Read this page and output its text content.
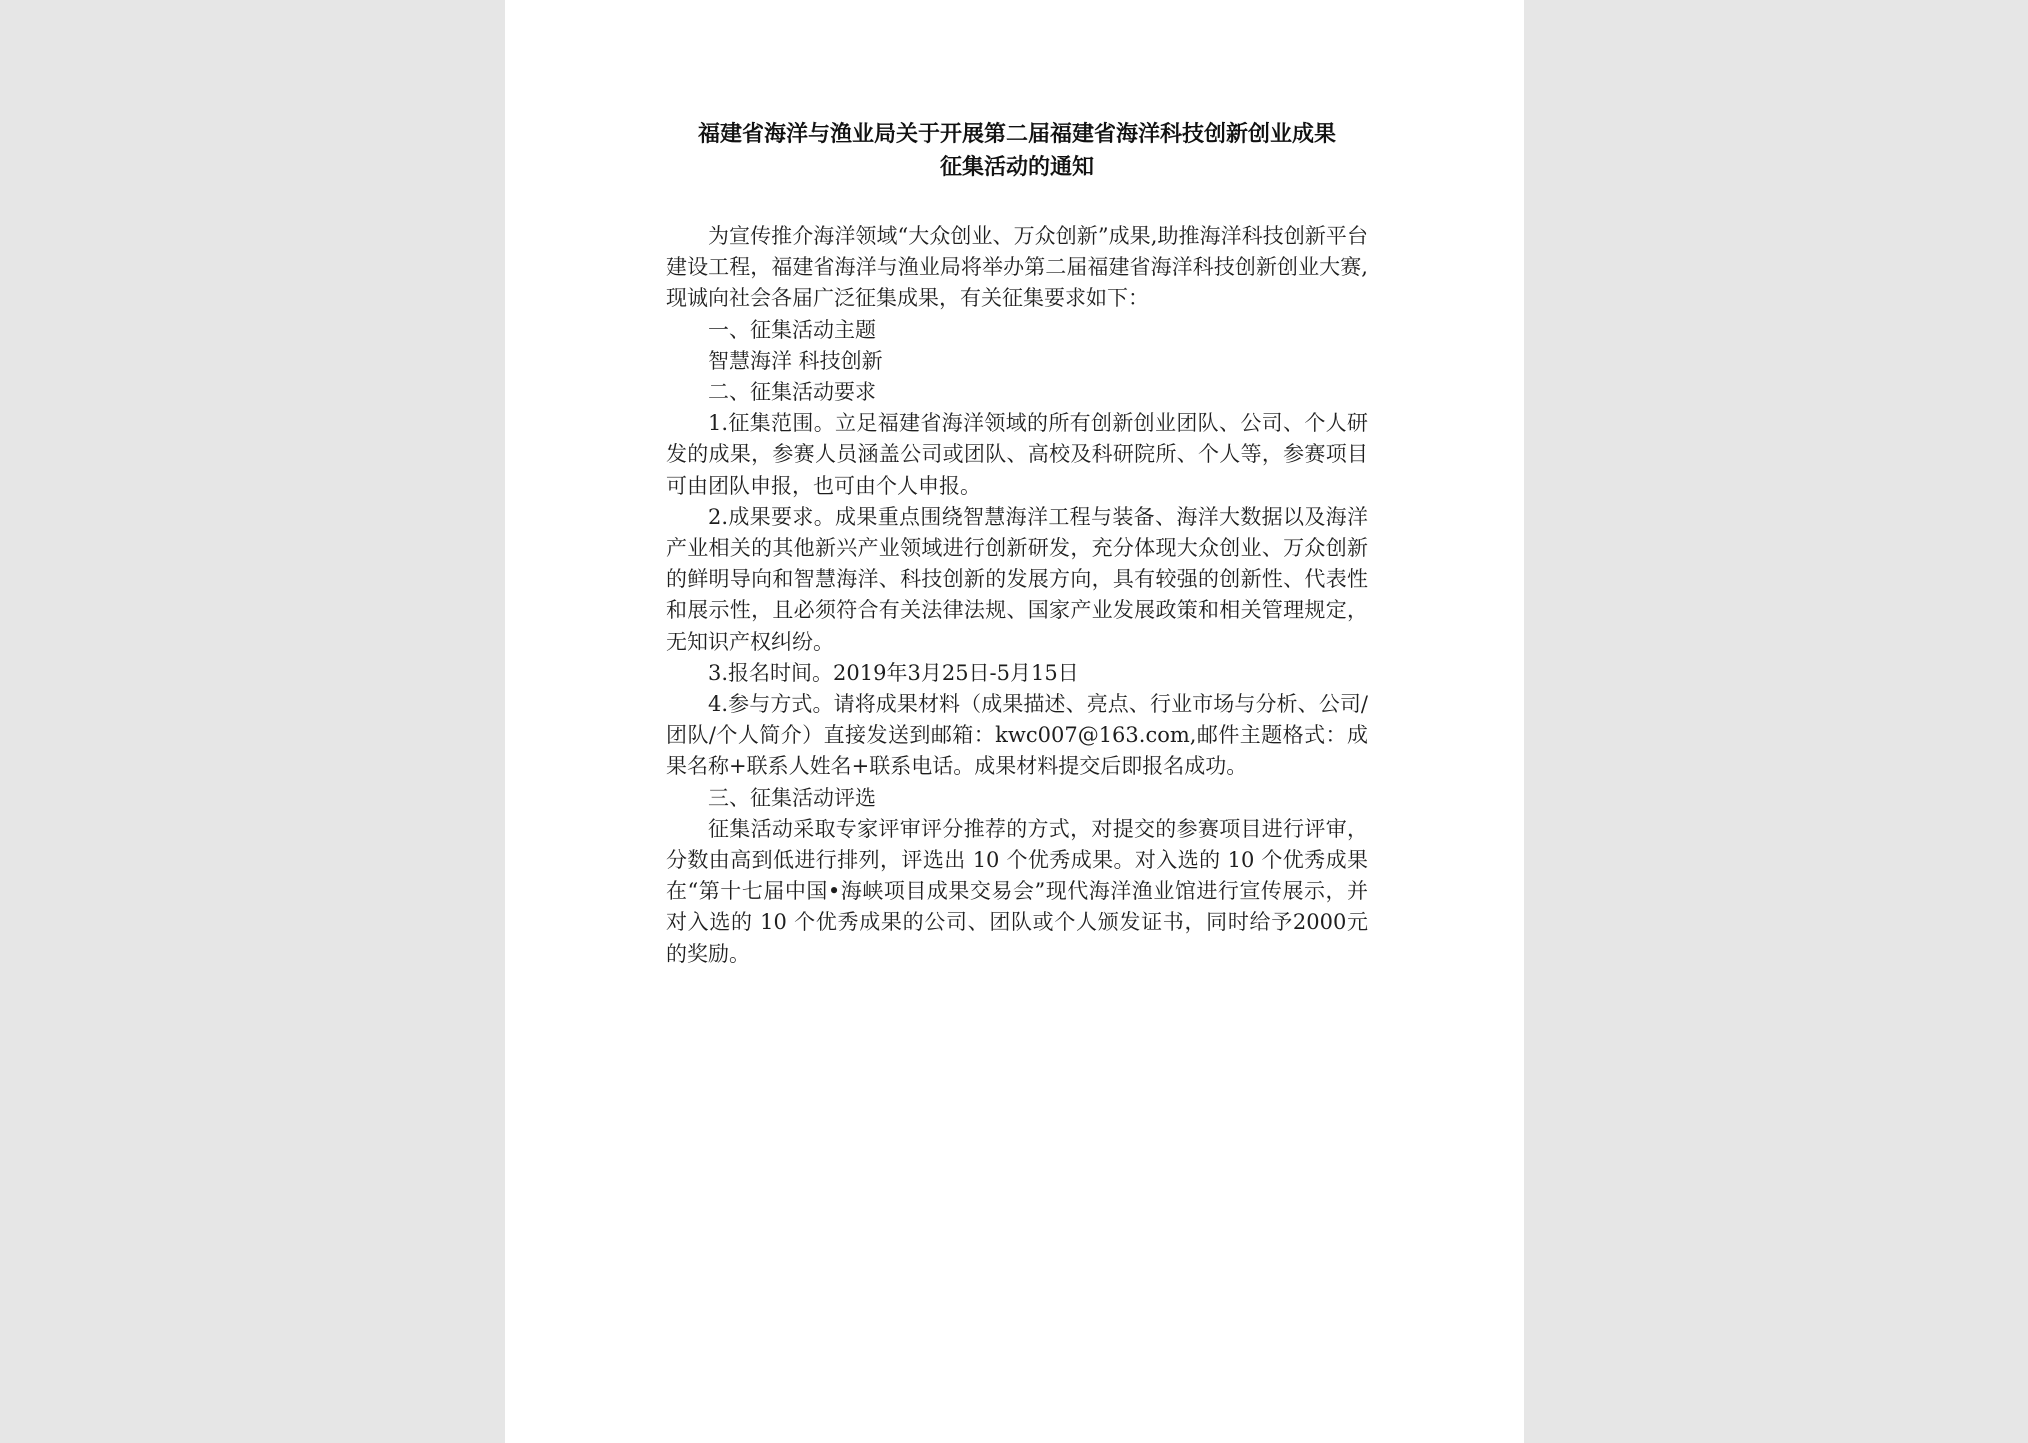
福建省海洋与渔业局关于开展第二届福建省海洋科技创新创业成果
征集活动的通知

为宣传推介海洋领域“大众创业、万众创新”成果,助推海洋科技创新平台建设工程，福建省海洋与渔业局将举办第二届福建省海洋科技创新创业大赛,现诚向社会各届广泛征集成果，有关征集要求如下：

一、征集活动主题

智慧海洋 科技创新

二、征集活动要求

1.征集范围。立足福建省海洋领域的所有创新创业团队、公司、个人研发的成果，参赛人员涵盖公司或团队、高校及科研院所、个人等，参赛项目可由团队申报，也可由个人申报。

2.成果要求。成果重点围绕智慧海洋工程与装备、海洋大数据以及海洋产业相关的其他新兴产业领域进行创新研发，充分体现大众创业、万众创新的鲜明导向和智慧海洋、科技创新的发展方向，具有较强的创新性、代表性和展示性，且必须符合有关法律法规、国家产业发展政策和相关管理规定，无知识产权纠纷。

3.报名时间。2019年3月25日-5月15日

4.参与方式。请将成果材料（成果描述、亮点、行业市场与分析、公司/团队/个人简介）直接发送到邮箱：kwc007@163.com,邮件主题格式：成果名称+联系人姓名+联系电话。成果材料提交后即报名成功。

三、征集活动评选

征集活动采取专家评审评分推荐的方式，对提交的参赛项目进行评审，分数由高到低进行排列，评选出 10 个优秀成果。对入选的 10 个优秀成果在“第十七届中国•海峡项目成果交易会”现代海洋渔业馆进行宣传展示，并对入选的 10 个优秀成果的公司、团队或个人颁发证书，同时给予2000元的奖励。
